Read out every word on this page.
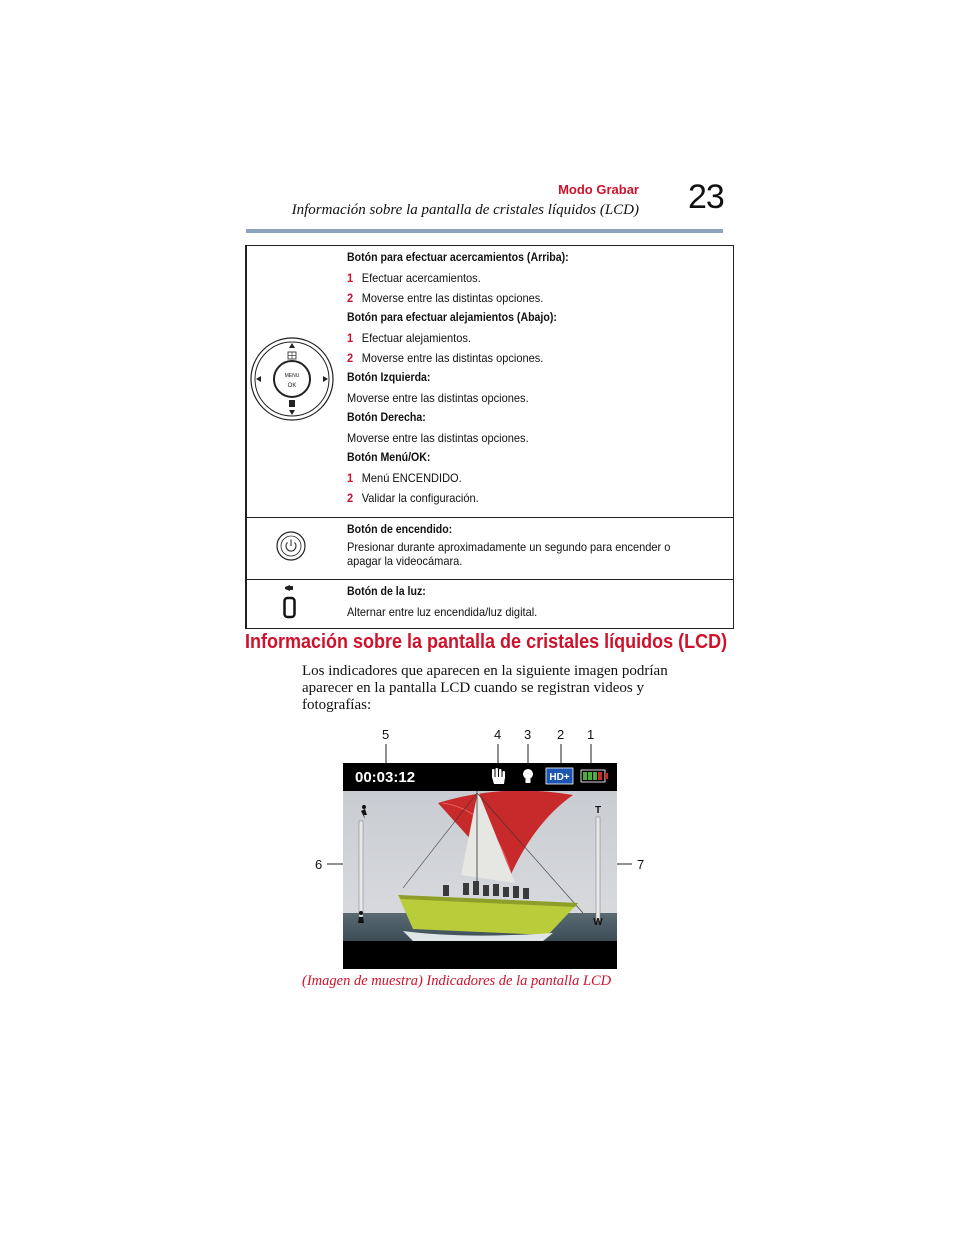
Modo Grabar
Información sobre la pantalla de cristales líquidos (LCD) 23
MENU
OK

Botón para efectuar acercamientos (Arriba):
1 Efectuar acercamientos.
2 Moverse entre las distintas opciones.
Botón para efectuar alejamientos (Abajo):
1 Efectuar alejamientos.
2 Moverse entre las distintas opciones.
Botón Izquierda:
Moverse entre las distintas opciones.
Botón Derecha:
Moverse entre las distintas opciones.
Botón Menú/OK:
1 Menú ENCENDIDO.
2 Validar la configuración.

Botón de encendido:
Presionar durante aproximadamente un segundo para encender o apagar la videocámara.

Botón de la luz:
Alternar entre luz encendida/luz digital.
Información sobre la pantalla de cristales líquidos (LCD)
Los indicadores que aparecen en la siguiente imagen podrían aparecer en la pantalla LCD cuando se registran videos y fotografías:
5	4 3 2 1
6	7
00:03:12	HD+
T
W
(Imagen de muestra) Indicadores de la pantalla LCD
